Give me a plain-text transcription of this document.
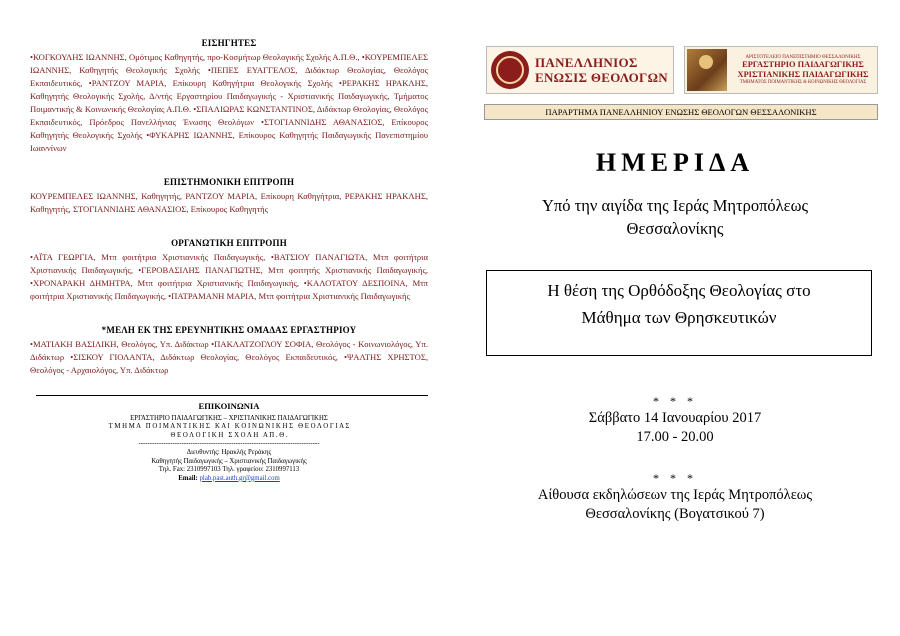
ΕΙΣΗΓΗΤΕΣ
•ΚΟΓΚΟΥΛΗΣ ΙΩΑΝΝΗΣ, Ομότιμος Καθηγητής, προ-Κοσμήτωρ Θεολογικής Σχολής Α.Π.Θ., •ΚΟΥΡΕΜΠΕΛΕΣ ΙΩΑΝΝΗΣ, Καθηγητής Θεολογικής Σχολής •ΠΕΠΕΣ ΕΥΑΓΓΕΛΟΣ, Διδάκτωρ Θεολογίας, Θεολόγος Εκπαιδευτικός, •ΡΑΝΤΖΟΥ ΜΑΡΙΑ, Επίκουρη Καθηγήτρια Θεολογικής Σχολής •ΡΕΡΑΚΗΣ ΗΡΑΚΛΗΣ, Καθηγητής Θεολογικής Σχολής, Δ/ντής Εργαστηρίου Παιδαγωγικής - Χριστιανικής Παιδαγωγικής, Τμήματος Ποιμαντικής & Κοινωνικής Θεολογίας Α.Π.Θ. •ΣΠΑΛΙΩΡΑΣ ΚΩΝΣΤΑΝΤΙΝΟΣ, Διδάκτωρ Θεολογίας, Θεολόγος Εκπαιδευτικός, Πρόεδρος Πανελλήνιας Ένωσης Θεολόγων •ΣΤΟΓΙΑΝΝΙΔΗΣ ΑΘΑΝΑΣΙΟΣ, Επίκουρος Καθηγητής Θεολογικής Σχολής •ΦΥΚΑΡΗΣ ΙΩΑΝΝΗΣ, Επίκουρος Καθηγητής Παιδαγωγικής Πανεπιστημίου Ιωαννίνων
ΕΠΙΣΤΗΜΟΝΙΚΗ ΕΠΙΤΡΟΠΗ
ΚΟΥΡΕΜΠΕΛΕΣ ΙΩΑΝΝΗΣ, Καθηγητής, ΡΑΝΤΖΟΥ ΜΑΡΙΑ, Επίκουρη Καθηγήτρια, ΡΕΡΑΚΗΣ ΗΡΑΚΛΗΣ, Καθηγητής, ΣΤΟΓΙΑΝΝΙΔΗΣ ΑΘΑΝΑΣΙΟΣ, Επίκουρος Καθηγητής
ΟΡΓΑΝΩΤΙΚΗ ΕΠΙΤΡΟΠΗ
•ΑΪΤΑ ΓΕΩΡΓΙΑ, Μτπ φοιτήτρια Χριστιανικής Παιδαγωγικής, •ΒΑΤΣΙΟΥ ΠΑΝΑΓΙΩΤΑ, Μτπ φοιτήτρια Χριστιανικής Παιδαγωγικής, •ΓΕΡΟΒΑΣΙΛΗΣ ΠΑΝΑΓΙΩΤΗΣ, Μτπ φοιτητής Χριστιανικής Παιδαγωγικής, •ΧΡΟΝΑΡΑΚΗ ΔΗΜΗΤΡΑ, Μτπ φοιτήτρια Χριστιανικής Παιδαγωγικής, •ΚΑΛΟΤΑΤΟΥ ΔΕΣΠΟΙΝΑ, Μτπ φοιτήτρια Χριστιανικής Παιδαγωγικής, •ΠΑΤΡΑΜΑΝΗ ΜΑΡΙΑ, Μτπ φοιτήτρια Χριστιανικής Παιδαγωγικής
*ΜΕΛΗ ΕΚ ΤΗΣ ΕΡΕΥΝΗΤΙΚΗΣ ΟΜΑΔΑΣ ΕΡΓΑΣΤΗΡΙΟΥ
•ΜΑΤΙΑΚΗ ΒΑΣΙΛΙΚΗ, Θεολόγος, Υπ. Διδάκτωρ •ΠΑΚΛΑΤΖΟΓΛΟΥ ΣΟΦΙΑ, Θεολόγος - Κοινωνιολόγος, Υπ. Διδάκτωρ •ΣΙΣΚΟΥ ΓΙΟΛΑΝΤΑ, Διδάκτωρ Θεολογίας, Θεολόγος Εκπαιδευτικός, •ΨΑΛΤΗΣ ΧΡΗΣΤΟΣ, Θεολόγος - Αρχαιολόγος, Υπ. Διδάκτωρ
ΕΠΙΚΟΙΝΩΝΙΑ
ΕΡΓΑΣΤΗΡΙΟ ΠΑΙΔΑΓΩΓΙΚΗΣ – ΧΡΙΣΤΙΑΝΙΚΗΣ ΠΑΙΔΑΓΩΓΙΚΗΣ
Τ Μ Η Μ Α   Π Ο Ι Μ Α Ν Τ Ι Κ Η Σ   Κ Α Ι   Κ Ο Ι Ν Ω Ν Ι Κ Η Σ   Θ Ε Ο Λ Ο Γ Ι Α Σ
Θ Ε Ο Λ Ο Γ Ι Κ Η   Σ Χ Ο Λ Η   Α Π . Θ .
--------------------------------------------------------------------------------
Διευθυντής: Ηρακλής Ρεράκης
Καθηγητής Παιδαγωγικής – Χριστιανικής Παιδαγωγικής
Τηλ. Fax: 2310997103 Τηλ. γραφείου: 2310997113
Email: plab.past.auth.gr@gmail.com
ΠΑΝΕΛΛΗΝΙΟΣ
ΕΝΩΣΙΣ ΘΕΟΛΟΓΩΝ
ΑΡΙΣΤΟΤΕΛΕΙΟ ΠΑΝΕΠΙΣΤΗΜΙΟ ΘΕΣΣΑΛΟΝΙΚΗΣ
ΕΡΓΑΣΤΗΡΙΟ ΠΑΙΔΑΓΩΓΙΚΗΣ
ΧΡΙΣΤΙΑΝΙΚΗΣ ΠΑΙΔΑΓΩΓΙΚΗΣ
ΤΜΗΜΑΤΟΣ ΠΟΙΜΑΝΤΙΚΗΣ & ΚΟΙΝΩΝΙΚΗΣ ΘΕΟΛΟΓΙΑΣ
ΠΑΡΑΡΤΗΜΑ ΠΑΝΕΛΛΗΝΙΟΥ ΕΝΩΣΗΣ ΘΕΟΛΟΓΩΝ ΘΕΣΣΑΛΟΝΙΚΗΣ
ΗΜΕΡΙΔΑ
Υπό την αιγίδα της Ιεράς Μητροπόλεως
Θεσσαλονίκης
Η θέση της Ορθόδοξης Θεολογίας στο
Μάθημα των Θρησκευτικών
* * *
Σάββατο 14 Ιανουαρίου 2017
17.00 - 20.00
* * *
Αίθουσα εκδηλώσεων της Ιεράς Μητροπόλεως
Θεσσαλονίκης (Βογατσικού 7)
